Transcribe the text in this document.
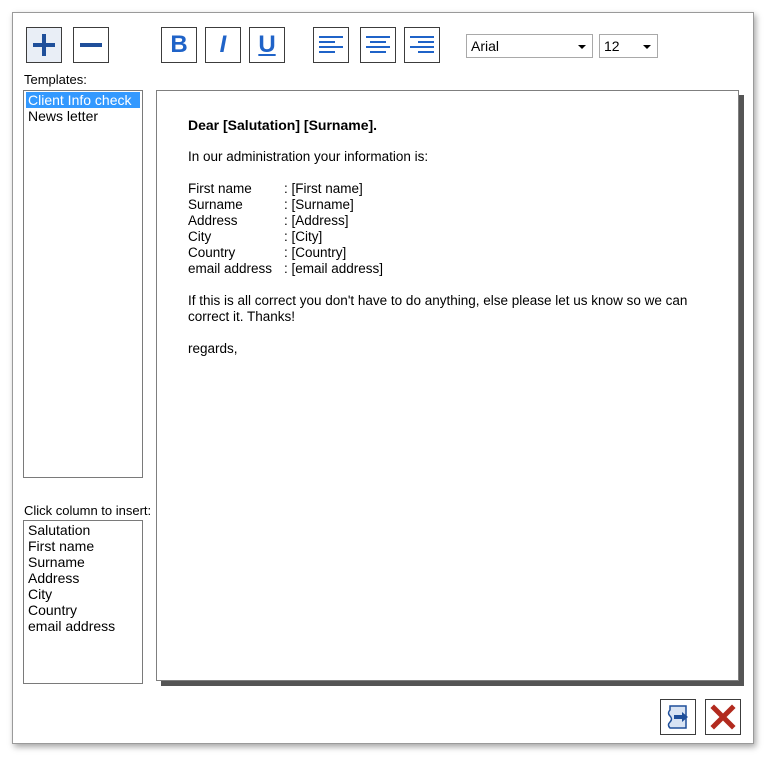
B	I	U	Arial	12
Templates:
Client Info check
News letter
Click column to insert:
Salutation
First name
Surname
Address
City
Country
email address
Dear [Salutation] [Surname].
In our administration your information is:
First name	: [First name]
Surname	: [Surname]
Address	: [Address]
City	: [City]
Country	: [Country]
email address : [email address]
If this is all correct you don't have to do anything, else please let us know so we can correct it. Thanks!
regards,
